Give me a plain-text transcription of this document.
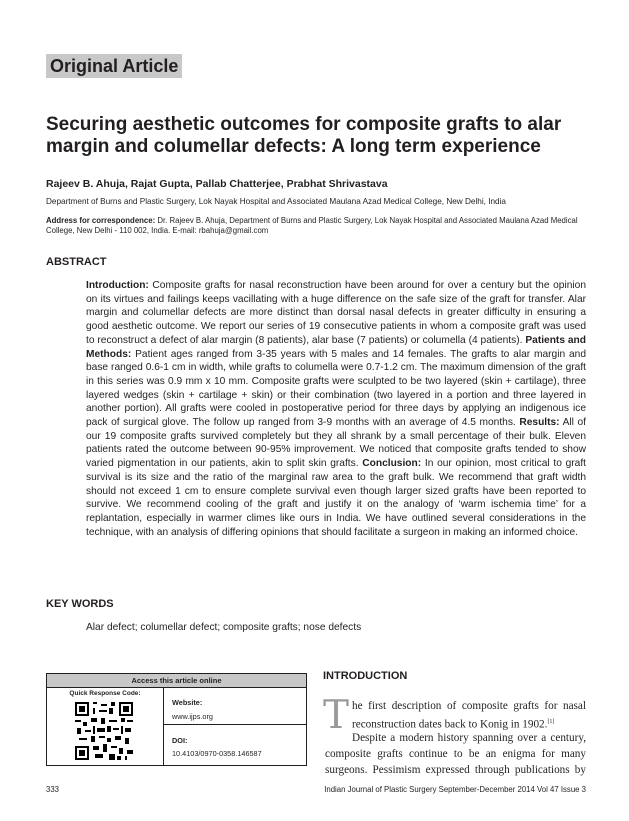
Original Article
Securing aesthetic outcomes for composite grafts to alar margin and columellar defects: A long term experience
Rajeev B. Ahuja, Rajat Gupta, Pallab Chatterjee, Prabhat Shrivastava
Department of Burns and Plastic Surgery, Lok Nayak Hospital and Associated Maulana Azad Medical College, New Delhi, India
Address for correspondence: Dr. Rajeev B. Ahuja, Department of Burns and Plastic Surgery, Lok Nayak Hospital and Associated Maulana Azad Medical College, New Delhi - 110 002, India. E-mail: rbahuja@gmail.com
ABSTRACT

Introduction: Composite grafts for nasal reconstruction have been around for over a century but the opinion on its virtues and failings keeps vacillating with a huge difference on the safe size of the graft for transfer. Alar margin and columellar defects are more distinct than dorsal nasal defects in greater difficulty in ensuring a good aesthetic outcome. We report our series of 19 consecutive patients in whom a composite graft was used to reconstruct a defect of alar margin (8 patients), alar base (7 patients) or columella (4 patients). Patients and Methods: Patient ages ranged from 3-35 years with 5 males and 14 females. The grafts to alar margin and base ranged 0.6-1 cm in width, while grafts to columella were 0.7-1.2 cm. The maximum dimension of the graft in this series was 0.9 mm x 10 mm. Composite grafts were sculpted to be two layered (skin + cartilage), three layered wedges (skin + cartilage + skin) or their combination (two layered in a portion and three layered in another portion). All grafts were cooled in postoperative period for three days by applying an indigenous ice pack of surgical glove. The follow up ranged from 3-9 months with an average of 4.5 months. Results: All of our 19 composite grafts survived completely but they all shrank by a small percentage of their bulk. Eleven patients rated the outcome between 90-95% improvement. We noticed that composite grafts tended to show varied pigmentation in our patients, akin to split skin grafts. Conclusion: In our opinion, most critical to graft survival is its size and the ratio of the marginal raw area to the graft bulk. We recommend that graft width should not exceed 1 cm to ensure complete survival even though larger sized grafts have been reported to survive. We recommend cooling of the graft and justify it on the analogy of ‘warm ischemia time’ for a replantation, especially in warmer climes like ours in India. We have outlined several considerations in the technique, with an analysis of differing opinions that should facilitate a surgeon in making an informed choice.

KEY WORDS
Alar defect; columellar defect; composite grafts; nose defects
Access this article online
Quick Response Code:
Website:
www.ijps.org
DOI:
10.4103/0970-0358.146587
INTRODUCTION
T he first description of composite grafts for nasal
reconstruction dates back to Konig in 1902.[1]
Despite a modern history spanning over a century,
composite grafts continue to be an enigma for many
surgeons. Pessimism expressed through publications by
333	Indian Journal of Plastic Surgery September-December 2014 Vol 47 Issue 3
